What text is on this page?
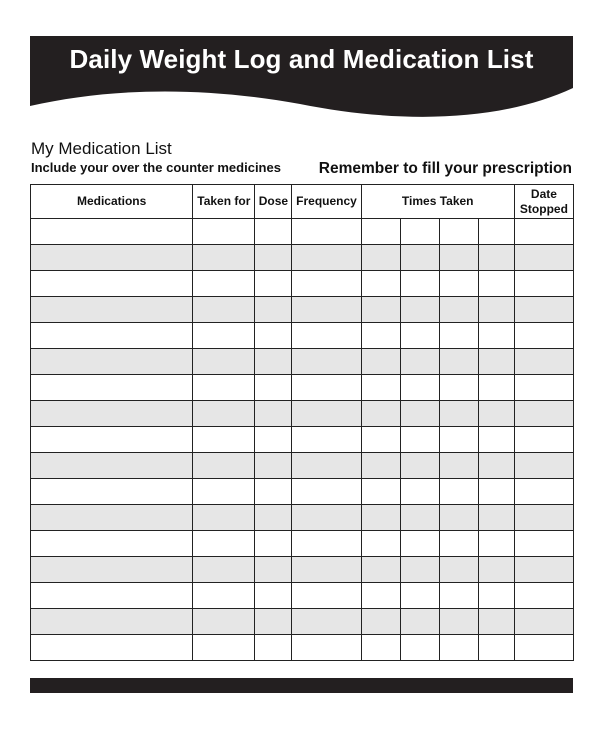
Daily Weight Log and Medication List
My Medication List
Include your over the counter medicines Remember to fill your prescription
Medications	Taken for	Dose	Frequency	Times Taken				Date Stopped
